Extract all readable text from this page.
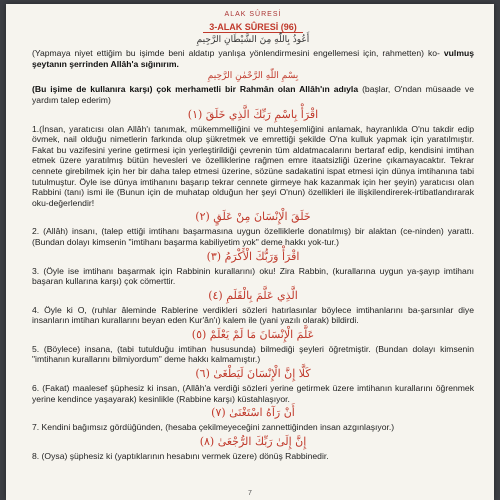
ALAK SÛRESİ
3-ALAK SÛRESİ (96)
أَعُوذُ بِاللّٰهِ مِنَ الشَّيْطَانِ الرَّجِيمِ
(Yapmaya niyet ettiğim bu işimde beni aldatıp yanlışa yönlendirmesini engellemesi için, rahmetten) ko- vulmuş şeytanın şerrinden Allâh'a sığınırım.
بِسْمِ اللّٰهِ الرَّحْمٰنِ الرَّحِيمِ
(Bu işime de kullanıra karşı) çok merhametli bir Rahmân olan Allâh'ın adıyla (başlar, O'ndan müsaade ve yardım talep ederim)
اقْرَأْ بِاسْمِ رَبِّكَ الَّذِي خَلَقَ (١)
1.(İnsan, yaratıcısı olan Allâh'ı tanımak, mükemmelliğini ve muhteşemliğini anlamak, hayranlıkla O'nu takdir edip övmek, nail olduğu nimetlerin farkında olup şükretmek ve emrettiği şekilde O'na kulluk yapmak için yaratılmıştır. Fakat bu vazifesini yerine getirmesi için yerleştirildiği çevrenin tüm aldatmacalarını bertaraf edip, kendisini imtihan etmek üzere yaratılmış bütün hevesleri ve özelliklerine rağmen emre itaatsizliği üzerine çıkamayacaktır. Tekrar cennete girebilmek için her bir daha talep etmesi üzerine, sözüne sadakatini ispat etmesi için dünya imtihanına tabi tutulmuştur. Öyle ise dünya imtihanını başarıp tekrar cennete girmeye hak kazanmak için her şeyin) yaratıcısı olan Rabbini (tanı) ismi ile (Bunun için de muhatap olduğun her şeyi O'nun) özellikleri ile ilişkilendirerek-irtibatlandırarak oku-değerlendir!
خَلَقَ الْإِنْسَانَ مِنْ عَلَقٍ (٢)
2. (Allâh) insanı, (talep ettiği imtihanı başarmasına uygun özelliklerle donatılmış) bir alaktan (ce-ninden) yarattı. (Bundan dolayı kimsenin "imtihanı başarma kabiliyetim yok" deme hakkı yok-tur.)
اقْرَأْ وَرَبُّكَ الْأَكْرَمُ (٣)
3. (Öyle ise imtihanı başarmak için Rabbinin kurallarını) oku! Zira Rabbin, (kurallarına uygun ya-şayıp imtihanı başaran kullarına karşı) çok cömerttir.
الَّذِي عَلَّمَ بِالْقَلَمِ (٤)
4. Öyle ki O, (ruhlar âleminde Rablerine verdikleri sözleri hatırlasınlar böylece imtihanlarını ba-şarsınlar diye insanların imtihan kurallarını beyan eden Kur'ân'ı) kalem ile (yani yazılı olarak) bildirdi.
عَلَّمَ الْإِنْسَانَ مَا لَمْ يَعْلَمْ (٥)
5. (Böylece) insana, (tabi tutulduğu imtihan hususunda) bilmediği şeyleri öğretmiştir. (Bundan dolayı kimsenin "imtihanın kurallarını bilmiyordum" deme hakkı kalmamıştır.)
كَلَّا إِنَّ الْإِنْسَانَ لَيَطْغَىٰ (٦)
6. (Fakat) maalesef şüphesiz ki insan, (Allâh'a verdiği sözleri yerine getirmek üzere imtihanın kurallarını öğrenmek yerine kendince yaşayarak) kesinlikle (Rabbine karşı) küstahlaşıyor.
أَنْ رَآهُ اسْتَغْنَىٰ (٧)
7. Kendini bağımsız gördüğünden, (hesaba çekilmeyeceğini zannettiğinden insan azgınlaşıyor.)
إِنَّ إِلَىٰ رَبِّكَ الرُّجْعَىٰ (٨)
8. (Oysa) şüphesiz ki (yaptıklarının hesabını vermek üzere) dönüş Rabbinedir.
7
